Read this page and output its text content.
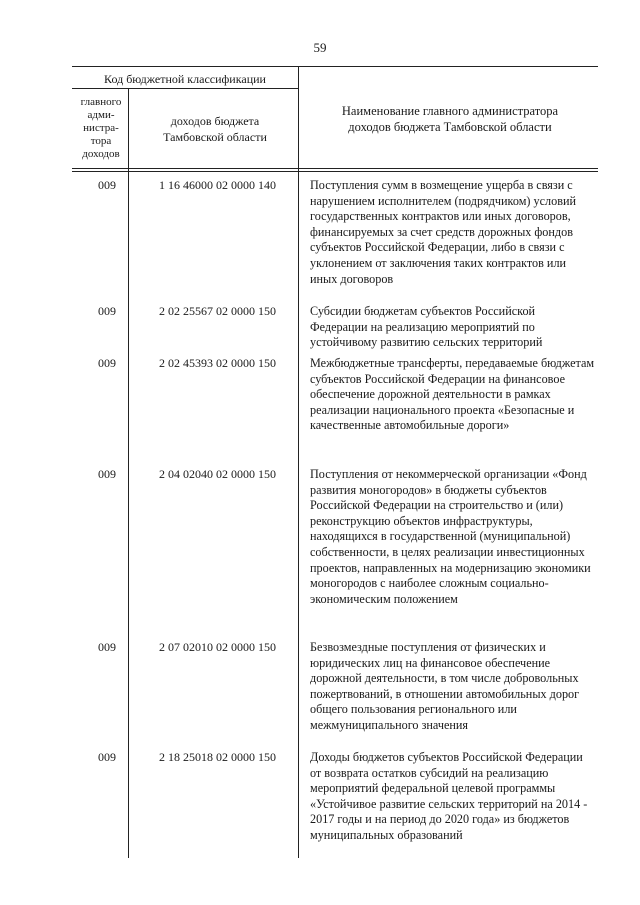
59
Код бюджетной классификации
главного адми-нистра-тора доходов
доходов бюджета Тамбовской области
Наименование главного администратора доходов бюджета Тамбовской области
009	1 16 46000 02 0000 140	Поступления сумм в возмещение ущерба в связи с нарушением исполнителем (подрядчиком) условий государственных контрактов или иных договоров, финансируемых за счет средств дорожных фондов субъектов Российской Федерации, либо в связи с уклонением от заключения таких контрактов или иных договоров
009	2 02 25567 02 0000 150	Субсидии бюджетам субъектов Российской Федерации на реализацию мероприятий по устойчивому развитию сельских территорий
009	2 02 45393 02 0000 150	Межбюджетные трансферты, передаваемые бюджетам субъектов Российской Федерации на финансовое обеспечение дорожной деятельности в рамках реализации национального проекта «Безопасные и качественные автомобильные дороги»
009	2 04 02040 02 0000 150	Поступления от некоммерческой организации «Фонд развития моногородов» в бюджеты субъектов Российской Федерации на строительство и (или) реконструкцию объектов инфраструктуры, находящихся в государственной (муниципальной) собственности, в целях реализации инвестиционных проектов, направленных на модернизацию экономики моногородов с наиболее сложным социально-экономическим положением
009	2 07 02010 02 0000 150	Безвозмездные поступления от физических и юридических лиц на финансовое обеспечение дорожной деятельности, в том числе добровольных пожертвований, в отношении автомобильных дорог общего пользования регионального или межмуниципального значения
009	2 18 25018 02 0000 150	Доходы бюджетов субъектов Российской Федерации от возврата остатков субсидий на реализацию мероприятий федеральной целевой программы «Устойчивое развитие сельских территорий на 2014 - 2017 годы и на период до 2020 года» из бюджетов муниципальных образований
